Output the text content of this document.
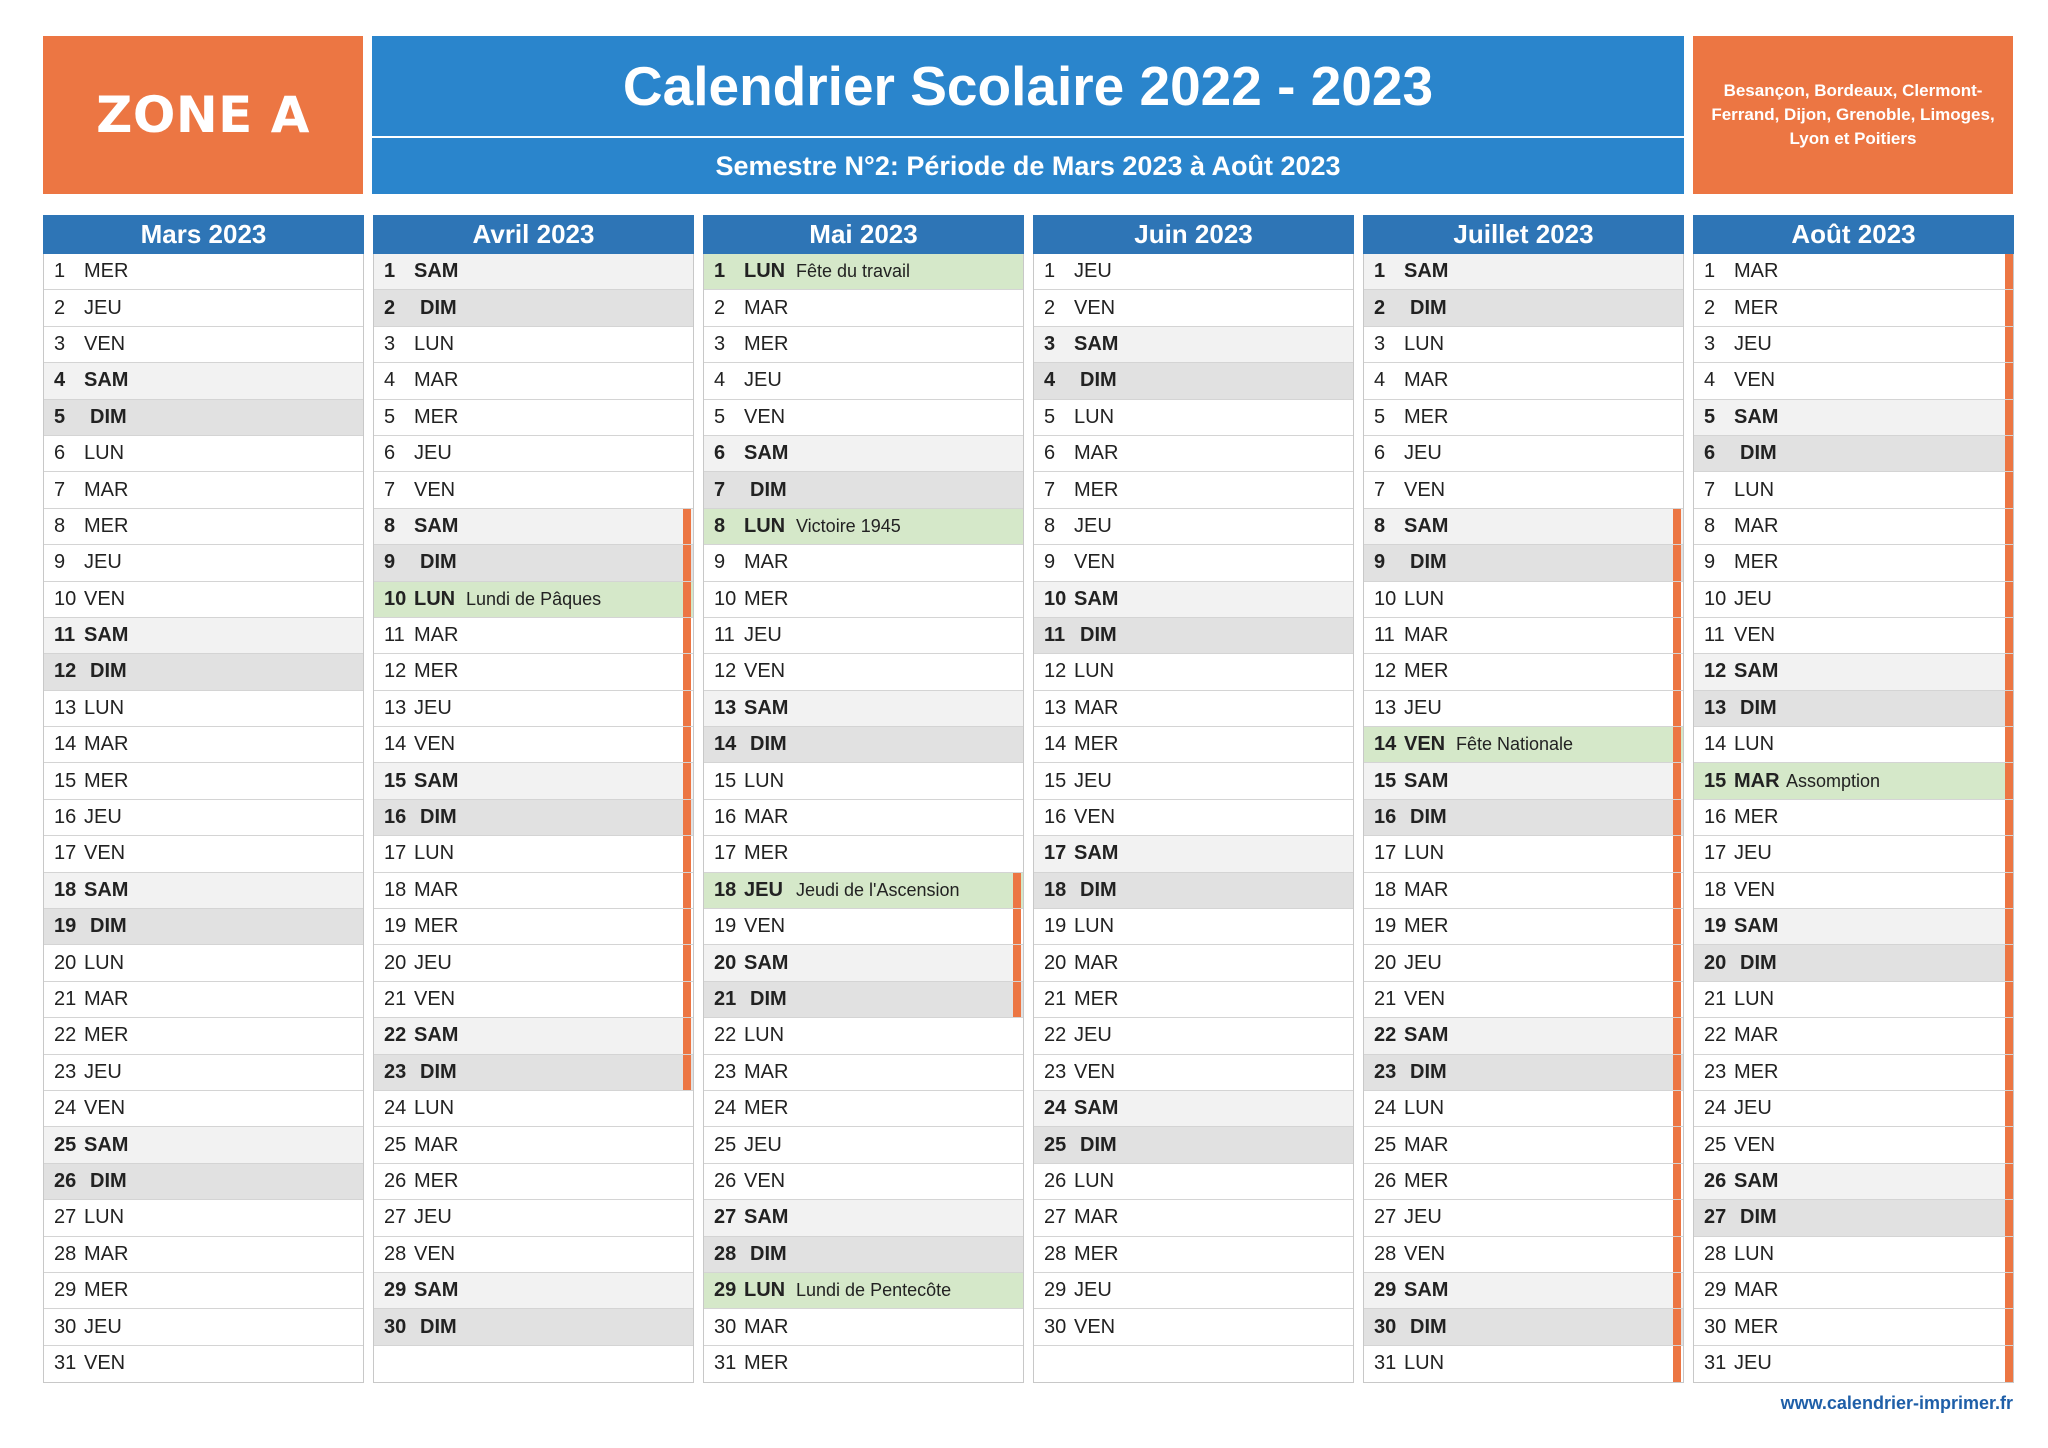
ZONE A	Calendrier Scolaire 2022 - 2023
Semestre N°2: Période de Mars 2023 à Août 2023
Besançon, Bordeaux, Clermont-Ferrand, Dijon, Grenoble, Limoges, Lyon et Poitiers
Mars 2023
1 MER
2 JEU
3 VEN
4 SAM
5	DIM
6 LUN
7 MAR
8 MER
9 JEU
10 VEN
11 SAM
12 DIM
13 LUN
14 MAR
15 MER
16 JEU
17 VEN
18 SAM
19 DIM
20 LUN
21 MAR
22 MER
23 JEU
24 VEN
25 SAM
26 DIM
27 LUN
28 MAR
29 MER
30 JEU
31 VEN
Avril 2023
1 SAM
2	DIM
3 LUN
4 MAR
5 MER
6 JEU
7 VEN
8 SAM
9	DIM
10 LUN Lundi de Pâques
11 MAR
12 MER
13 JEU
14 VEN
15 SAM
16 DIM
17 LUN
18 MAR
19 MER
20 JEU
21 VEN
22 SAM
23 DIM
24 LUN
25 MAR
26 MER
27 JEU
28 VEN
29 SAM
30 DIM
Mai 2023
1 LUN Fête du travail
2 MAR
3 MER
4 JEU
5 VEN
6 SAM
7	DIM
8 LUN Victoire 1945
9 MAR
10 MER
11 JEU
12 VEN
13 SAM
14 DIM
15 LUN
16 MAR
17 MER
18 JEU Jeudi de l'Ascension
19 VEN
20 SAM
21 DIM
22 LUN
23 MAR
24 MER
25 JEU
26 VEN
27 SAM
28 DIM
29 LUN Lundi de Pentecôte
30 MAR
31 MER
Juin 2023
1 JEU
2 VEN
3 SAM
4	DIM
5 LUN
6 MAR
7 MER
8 JEU
9 VEN
10 SAM
11 DIM
12 LUN
13 MAR
14 MER
15 JEU
16 VEN
17 SAM
18 DIM
19 LUN
20 MAR
21 MER
22 JEU
23 VEN
24 SAM
25 DIM
26 LUN
27 MAR
28 MER
29 JEU
30 VEN
Juillet 2023
1 SAM
2	DIM
3 LUN
4 MAR
5 MER
6 JEU
7 VEN
8 SAM
9	DIM
10 LUN
11 MAR
12 MER
13 JEU
14 VEN Fête Nationale
15 SAM
16 DIM
17 LUN
18 MAR
19 MER
20 JEU
21 VEN
22 SAM
23 DIM
24 LUN
25 MAR
26 MER
27 JEU
28 VEN
29 SAM
30 DIM
31 LUN
Août 2023
1 MAR
2 MER
3 JEU
4 VEN
5 SAM
6	DIM
7 LUN
8 MAR
9 MER
10 JEU
11 VEN
12 SAM
13 DIM
14 LUN
15 MAR Assomption
16 MER
17 JEU
18 VEN
19 SAM
20 DIM
21 LUN
22 MAR
23 MER
24 JEU
25 VEN
26 SAM
27 DIM
28 LUN
29 MAR
30 MER
31 JEU
www.calendrier-imprimer.fr
